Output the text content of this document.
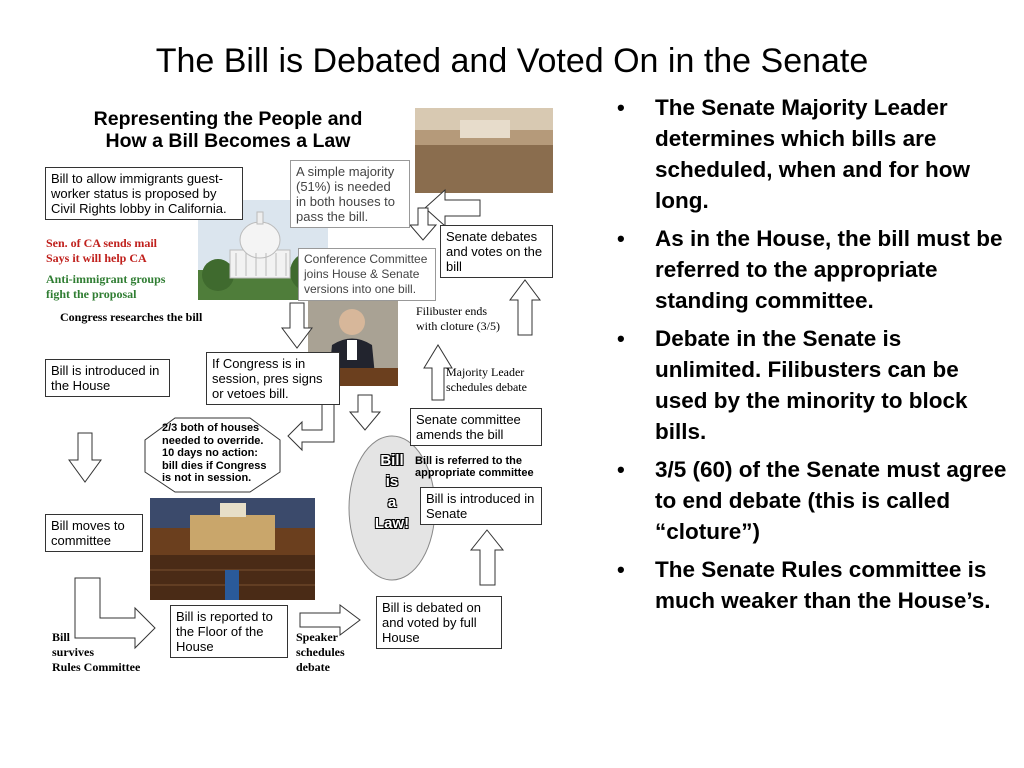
The Bill is Debated and Voted On in the Senate
Representing the People and
How a Bill Becomes a Law
Bill to allow immigrants guest-worker status is proposed by Civil Rights lobby in California.
Sen. of CA sends mail
Says it will help CA
Anti-immigrant groups
fight the proposal
Congress researches the bill
Bill is introduced in the House
Bill moves to committee
Bill
survives
Rules Committee
Bill is reported to the Floor of the House
Speaker
schedules
debate
Bill is debated on and voted by full House
Bill is introduced in Senate
Bill is referred to the
appropriate committee
Senate committee amends the bill
Majority Leader
schedules debate
Filibuster ends
with cloture (3/5)
Senate debates and votes on the bill
A simple majority (51%) is needed in both houses to pass the bill.
Conference Committee joins House & Senate versions into one bill.
If Congress is in session, pres signs or vetoes bill.
2/3 both of houses needed to override. 10 days no action: bill dies if Congress is not in session.
Bill
is
a
Law!
• The Senate Majority Leader determines which bills are scheduled, when and for how long.
• As in the House, the bill must be referred to the appropriate standing committee.
• Debate in the Senate is unlimited. Filibusters can be used by the minority to block bills.
• 3/5 (60) of the Senate must agree to end debate (this is called “cloture”)
• The Senate Rules committee is much weaker than the House’s.
